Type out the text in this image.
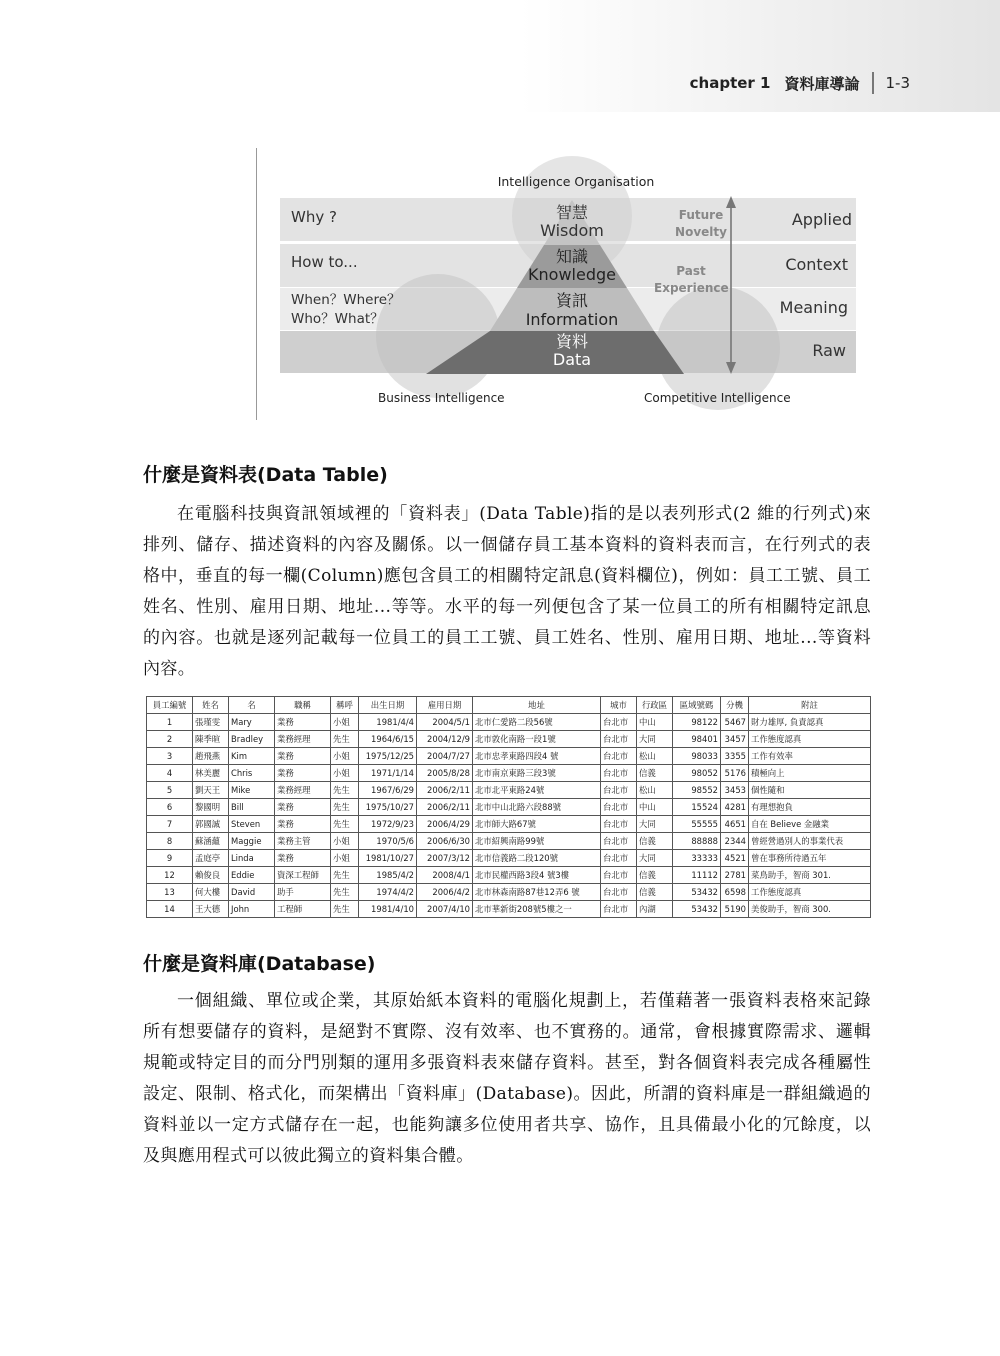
chapter 1 資料庫導論 1-3
Intelligence Organisation
Why ?
How to...
When？Where？
Who？What？
智慧
Wisdom
知識
Knowledge
資訊
Information
資料
Data
Future
Novelty
Past
Experience
Applied
Context
Meaning
Raw
Business Intelligence	Competitive Intelligence
什麼是資料表(Data Table)
在電腦科技與資訊領域裡的「資料表」(Data Table)指的是以表列形式(2 維的行列式)來排列、儲存、描述資料的內容及關係。以一個儲存員工基本資料的資料表而言，在行列式的表格中，垂直的每一欄(Column)應包含員工的相關特定訊息(資料欄位)，例如：員工工號、員工姓名、性別、雇用日期、地址...等等。水平的每一列便包含了某一位員工的所有相關特定訊息的內容。也就是逐列記載每一位員工的員工工號、員工姓名、性別、雇用日期、地址...等資料內容。
員工編號	姓名	名	職稱	稱呼	出生日期	雇用日期	地址	城市	行政區	區域號碼	分機	附註
1	張瑾雯	Mary	業務	小姐	1981/4/4	2004/5/1	北市仁愛路二段56號	台北市	中山	98122	5467	財力雄厚, 負責認真
2	陳季暄	Bradley	業務經理	先生	1964/6/15	2004/12/9	北市敦化南路一段1號	台北市	大同	98401	3457	工作態度認真
3	趙飛燕	Kim	業務	小姐	1975/12/25	2004/7/27	北市忠孝東路四段4 號	台北市	松山	98033	3355	工作有效率
4	林美麗	Chris	業務	小姐	1971/1/14	2005/8/28	北市南京東路三段3號	台北市	信義	98052	5176	積極向上
5	劉天王	Mike	業務經理	先生	1967/6/29	2006/2/11	北市北平東路24號	台北市	松山	98552	3453	個性隨和
6	黎國明	Bill	業務	先生	1975/10/27	2006/2/11	北市中山北路六段88號	台北市	中山	15524	4281	有理想抱負
7	郭國誠	Steven	業務	先生	1972/9/23	2006/4/29	北市師大路67號	台北市	大同	55555	4651	自在 Believe 金融業
8	蘇涵蘊	Maggie	業務主管	小姐	1970/5/6	2006/6/30	北市紹興南路99號	台北市	信義	88888	2344	曾經營過別人的事業代表
9	孟庭亭	Linda	業務	小姐	1981/10/27	2007/3/12	北市信義路二段120號	台北市	大同	33333	4521	曾在事務所待過五年
12	賴俊良	Eddie	資深工程師	先生	1985/4/2	2008/4/1	北市民權西路3段4 號3樓	台北市	信義	11112	2781	菜鳥助手，智商 301.
13	何大樓	David	助手	先生	1974/4/2	2006/4/2	北市林森南路87巷12弄6 號	台北市	信義	53432	6598	工作態度認真
14	王大德	John	工程師	先生	1981/4/10	2007/4/10	北市華新街208號5樓之一	台北市	內湖	53432	5190	美俊助手，智商 300.
什麼是資料庫(Database)
一個組織、單位或企業，其原始紙本資料的電腦化規劃上，若僅藉著一張資料表格來記錄所有想要儲存的資料，是絕對不實際、沒有效率、也不實務的。通常，會根據實際需求、邏輯規範或特定目的而分門別類的運用多張資料表來儲存資料。甚至，對各個資料表完成各種屬性設定、限制、格式化，而架構出「資料庫」(Database)。因此，所謂的資料庫是一群組織過的資料並以一定方式儲存在一起，也能夠讓多位使用者共享、協作，且具備最小化的冗餘度，以及與應用程式可以彼此獨立的資料集合體。
